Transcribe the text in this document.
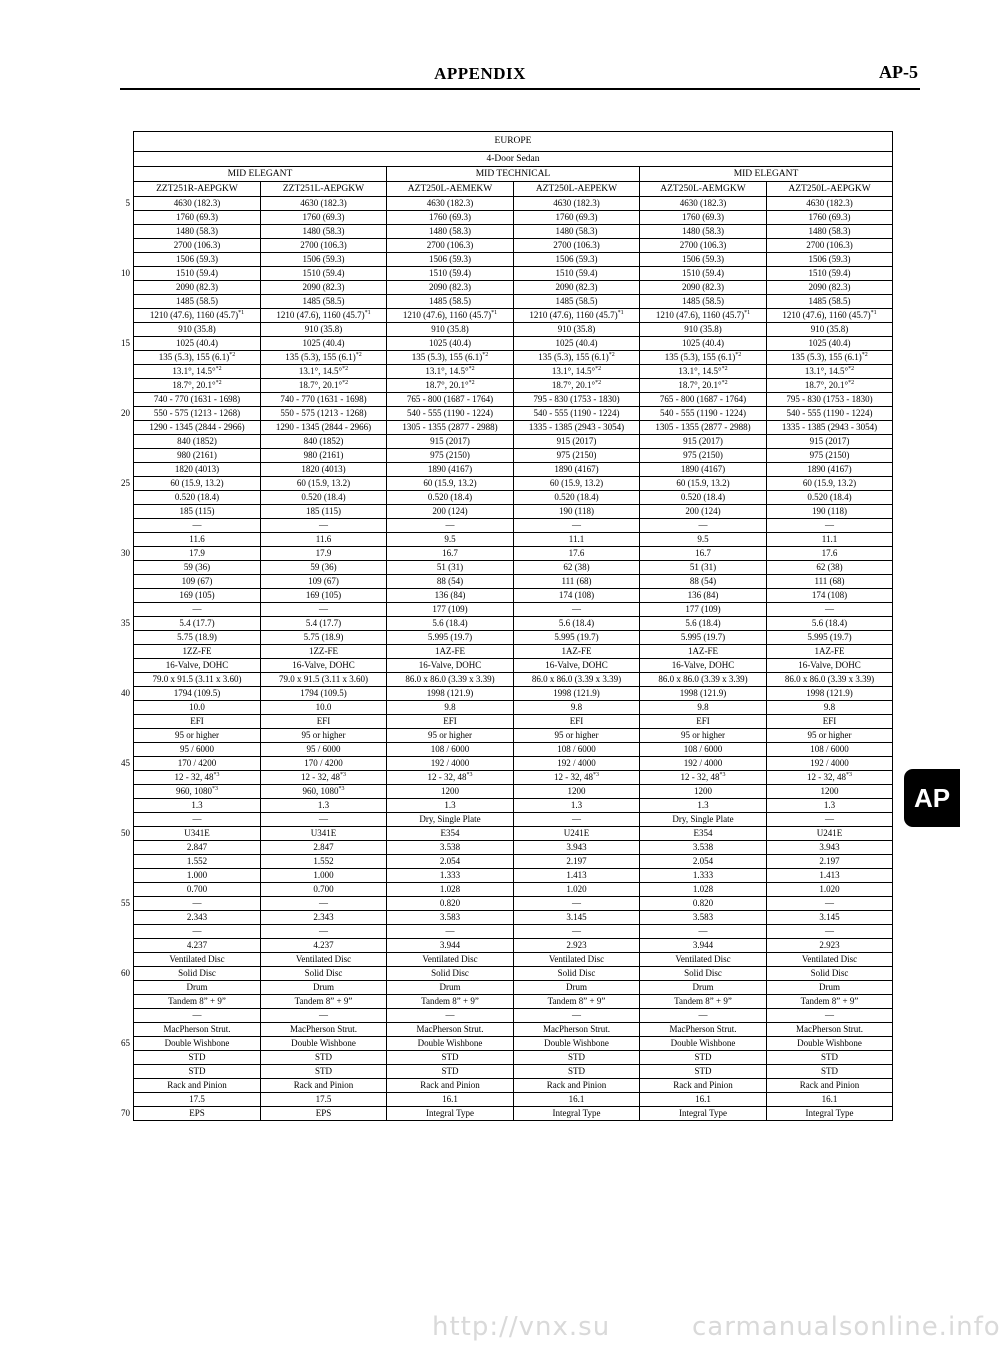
APPENDIX	AP-5
5
10
15
20
25
30
35
40
45
50
55
60
65
70
EUROPE					
4-Door Sedan					
MID ELEGANT		MID TECHNICAL		MID ELEGANT	
ZZT251R-AEPGKW	ZZT251L-AEPGKW	AZT250L-AEMEKW	AZT250L-AEPEKW	AZT250L-AEMGKW	AZT250L-AEPGKW
4630 (182.3)	4630 (182.3)	4630 (182.3)	4630 (182.3)	4630 (182.3)	4630 (182.3)
1760 (69.3)	1760 (69.3)	1760 (69.3)	1760 (69.3)	1760 (69.3)	1760 (69.3)
1480 (58.3)	1480 (58.3)	1480 (58.3)	1480 (58.3)	1480 (58.3)	1480 (58.3)
2700 (106.3)	2700 (106.3)	2700 (106.3)	2700 (106.3)	2700 (106.3)	2700 (106.3)
1506 (59.3)	1506 (59.3)	1506 (59.3)	1506 (59.3)	1506 (59.3)	1506 (59.3)
1510 (59.4)	1510 (59.4)	1510 (59.4)	1510 (59.4)	1510 (59.4)	1510 (59.4)
2090 (82.3)	2090 (82.3)	2090 (82.3)	2090 (82.3)	2090 (82.3)	2090 (82.3)
1485 (58.5)	1485 (58.5)	1485 (58.5)	1485 (58.5)	1485 (58.5)	1485 (58.5)
1210 (47.6), 1160 $(45.7)^{*1}$	1210 (47.6), 1160 $(45.7)^{*1}$	1210 (47.6), 1160 $(45.7)^{*1}$	1210 (47.6), 1160 $(45.7)^{*1}$	1210 (47.6), 1160 $(45.7)^{*1}$	1210 (47.6), 1160 $(45.7)^{*1}$
910 (35.8)	910 (35.8)	910 (35.8)	910 (35.8)	910 (35.8)	910 (35.8)
1025 (40.4)	1025 (40.4)	1025 (40.4)	1025 (40.4)	1025 (40.4)	1025 (40.4)
135 (5.3), 155 $(6.1)^{*2}$	135 (5.3), 155 $(6.1)^{*2}$	135 (5.3), 155 $(6.1)^{*2}$	135 (5.3), 155 $(6.1)^{*2}$	135 (5.3), 155 $(6.1)^{*2}$	135 (5.3), 155 $(6.1)^{*2}$
13.1°, 14.5°$^{*2}$	13.1°, 14.5°$^{*2}$	13.1°, 14.5°$^{*2}$	13.1°, 14.5°$^{*2}$	13.1°, 14.5°$^{*2}$	13.1°, 14.5°$^{*2}$
18.7°, 20.1°$^{*2}$	18.7°, 20.1°$^{*2}$	18.7°, 20.1°$^{*2}$	18.7°, 20.1°$^{*2}$	18.7°, 20.1°$^{*2}$	18.7°, 20.1°$^{*2}$
740 - 770 (1631 - 1698)	740 - 770 (1631 - 1698)	765 - 800 (1687 - 1764)	795 - 830 (1753 - 1830)	765 - 800 (1687 - 1764)	795 - 830 (1753 - 1830)
550 - 575 (1213 - 1268)	550 - 575 (1213 - 1268)	540 - 555 (1190 - 1224)	540 - 555 (1190 - 1224)	540 - 555 (1190 - 1224)	540 - 555 (1190 - 1224)
1290 - 1345 (2844 - 2966)	1290 - 1345 (2844 - 2966)	1305 - 1355 (2877 - 2988)	1335 - 1385 (2943 - 3054)	1305 - 1355 (2877 - 2988)	1335 - 1385 (2943 - 3054)
840 (1852)	840 (1852)	915 (2017)	915 (2017)	915 (2017)	915 (2017)
980 (2161)	980 (2161)	975 (2150)	975 (2150)	975 (2150)	975 (2150)
1820 (4013)	1820 (4013)	1890 (4167)	1890 (4167)	1890 (4167)	1890 (4167)
60 (15.9, 13.2)	60 (15.9, 13.2)	60 (15.9, 13.2)	60 (15.9, 13.2)	60 (15.9, 13.2)	60 (15.9, 13.2)
0.520 (18.4)	0.520 (18.4)	0.520 (18.4)	0.520 (18.4)	0.520 (18.4)	0.520 (18.4)
185 (115)	185 (115)	200 (124)	190 (118)	200 (124)	190 (118)
—	—	—	—	—	—
11.6	11.6	9.5	11.1	9.5	11.1
17.9	17.9	16.7	17.6	16.7	17.6
59 (36)	59 (36)	51 (31)	62 (38)	51 (31)	62 (38)
109 (67)	109 (67)	88 (54)	111 (68)	88 (54)	111 (68)
169 (105)	169 (105)	136 (84)	174 (108)	136 (84)	174 (108)
—	—	177 (109)	—	177 (109)	—
5.4 (17.7)	5.4 (17.7)	5.6 (18.4)	5.6 (18.4)	5.6 (18.4)	5.6 (18.4)
5.75 (18.9)	5.75 (18.9)	5.995 (19.7)	5.995 (19.7)	5.995 (19.7)	5.995 (19.7)
1ZZ-FE	1ZZ-FE	1AZ-FE	1AZ-FE	1AZ-FE	1AZ-FE
16-Valve, DOHC	16-Valve, DOHC	16-Valve, DOHC	16-Valve, DOHC	16-Valve, DOHC	16-Valve, DOHC
79.0 x 91.5 (3.11 x 3.60)	79.0 x 91.5 (3.11 x 3.60)	86.0 x 86.0 (3.39 x 3.39)	86.0 x 86.0 (3.39 x 3.39)	86.0 x 86.0 (3.39 x 3.39)	86.0 x 86.0 (3.39 x 3.39)
1794 (109.5)	1794 (109.5)	1998 (121.9)	1998 (121.9)	1998 (121.9)	1998 (121.9)
10.0	10.0	9.8	9.8	9.8	9.8
EFI	EFI	EFI	EFI	EFI	EFI
95 or higher	95 or higher	95 or higher	95 or higher	95 or higher	95 or higher
95 / 6000	95 / 6000	108 / 6000	108 / 6000	108 / 6000	108 / 6000
170 / 4200	170 / 4200	192 / 4000	192 / 4000	192 / 4000	192 / 4000
12 - 32, 48$^{*3}$	12 - 32, 48$^{*3}$	12 - 32, 48$^{*3}$	12 - 32, 48$^{*3}$	12 - 32, 48$^{*3}$	12 - 32, 48$^{*3}$
960, 1080$^{*3}$	960, 1080$^{*3}$	1200	1200	1200	1200
1.3	1.3	1.3	1.3	1.3	1.3
—	—	Dry, Single Plate	—	Dry, Single Plate	—
U341E	U341E	E354	U241E	E354	U241E
2.847	2.847	3.538	3.943	3.538	3.943
1.552	1.552	2.054	2.197	2.054	2.197
1.000	1.000	1.333	1.413	1.333	1.413
0.700	0.700	1.028	1.020	1.028	1.020
—	—	0.820	—	0.820	—
2.343	2.343	3.583	3.145	3.583	3.145
—	—	—	—	—	—
4.237	4.237	3.944	2.923	3.944	2.923
Ventilated Disc	Ventilated Disc	Ventilated Disc	Ventilated Disc	Ventilated Disc	Ventilated Disc
Solid Disc	Solid Disc	Solid Disc	Solid Disc	Solid Disc	Solid Disc
Drum	Drum	Drum	Drum	Drum	Drum
Tandem 8” + 9”	Tandem 8” + 9”	Tandem 8” + 9”	Tandem 8” + 9”	Tandem 8” + 9”	Tandem 8” + 9”
—	—	—	—	—	—
MacPherson Strut.	MacPherson Strut.	MacPherson Strut.	MacPherson Strut.	MacPherson Strut.	MacPherson Strut.
Double Wishbone	Double Wishbone	Double Wishbone	Double Wishbone	Double Wishbone	Double Wishbone
STD	STD	STD	STD	STD	STD
STD	STD	STD	STD	STD	STD
Rack and Pinion	Rack and Pinion	Rack and Pinion	Rack and Pinion	Rack and Pinion	Rack and Pinion
17.5	17.5	16.1	16.1	16.1	16.1
EPS	EPS	Integral Type	Integral Type	Integral Type	Integral Type
AP
http://vnx.su	carmanualsonline.info
